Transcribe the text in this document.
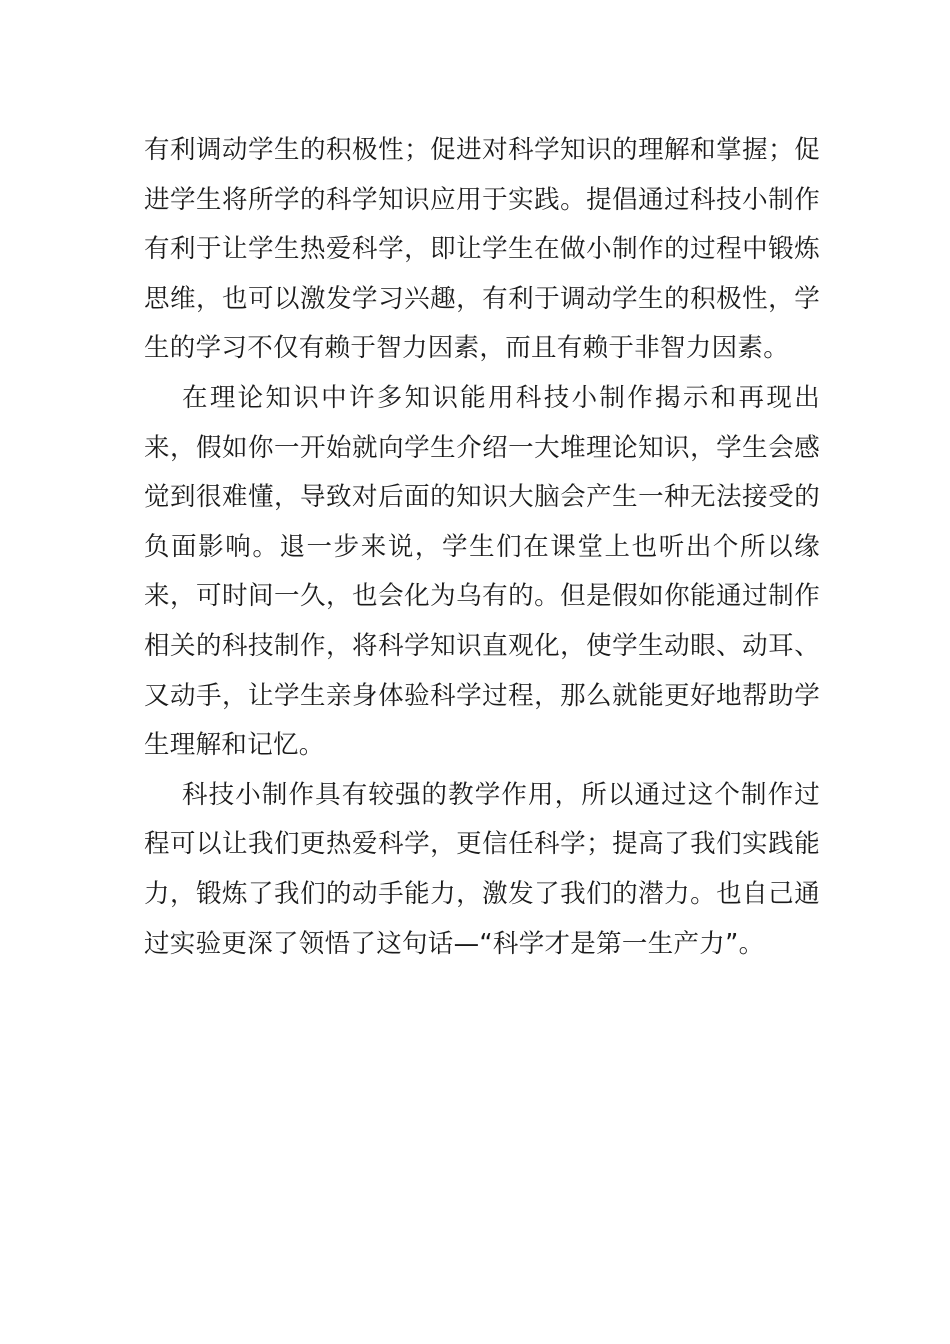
有利调动学生的积极性；促进对科学知识的理解和掌握；促进学生将所学的科学知识应用于实践。提倡通过科技小制作有利于让学生热爱科学，即让学生在做小制作的过程中锻炼思维，也可以激发学习兴趣，有利于调动学生的积极性，学生的学习不仅有赖于智力因素，而且有赖于非智力因素。

在理论知识中许多知识能用科技小制作揭示和再现出来，假如你一开始就向学生介绍一大堆理论知识，学生会感觉到很难懂，导致对后面的知识大脑会产生一种无法接受的负面影响。退一步来说，学生们在课堂上也听出个所以缘来，可时间一久，也会化为乌有的。但是假如你能通过制作相关的科技制作，将科学知识直观化，使学生动眼、动耳、又动手，让学生亲身体验科学过程，那么就能更好地帮助学生理解和记忆。

科技小制作具有较强的教学作用，所以通过这个制作过程可以让我们更热爱科学，更信任科学；提高了我们实践能力，锻炼了我们的动手能力，激发了我们的潜力。也自己通过实验更深了领悟了这句话—“科学才是第一生产力”。
